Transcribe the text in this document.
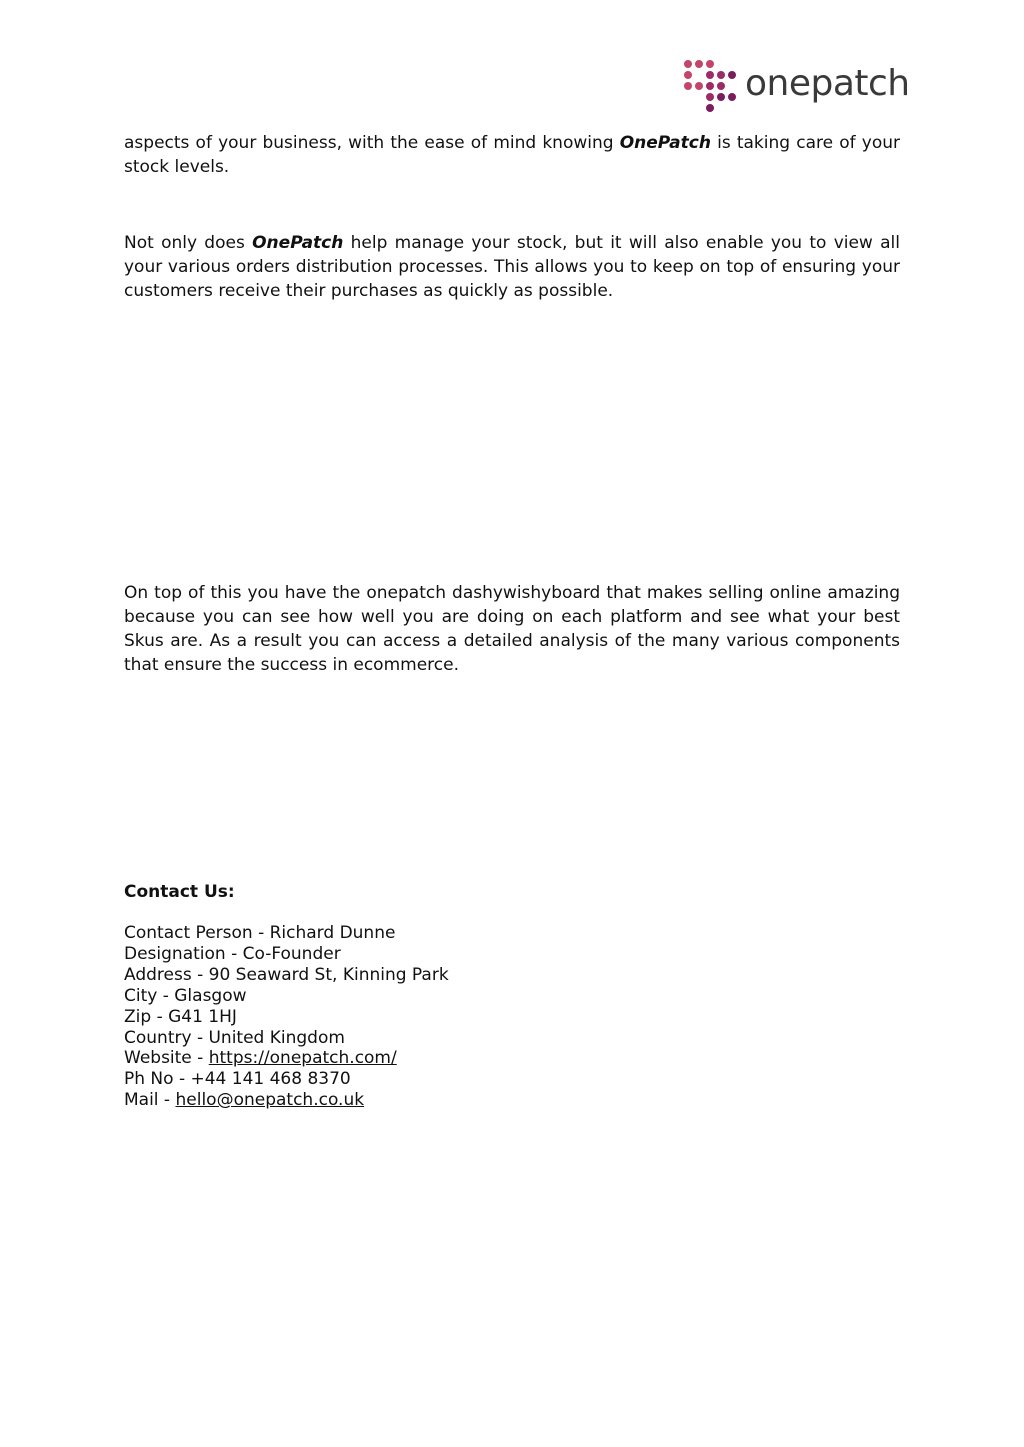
onepatch

aspects of your business, with the ease of mind knowing OnePatch is taking care of your stock levels.

Not only does OnePatch help manage your stock, but it will also enable you to view all your various orders distribution processes. This allows you to keep on top of ensuring your customers receive their purchases as quickly as possible.

On top of this you have the onepatch dashywishyboard that makes selling online amazing because you can see how well you are doing on each platform and see what your best Skus are. As a result you can access a detailed analysis of the many various components that ensure the success in ecommerce.

Contact Us:

Contact Person - Richard Dunne
Designation - Co-Founder
Address - 90 Seaward St, Kinning Park
City - Glasgow
Zip - G41 1HJ
Country - United Kingdom
Website - https://onepatch.com/
Ph No - +44 141 468 8370
Mail - hello@onepatch.co.uk
